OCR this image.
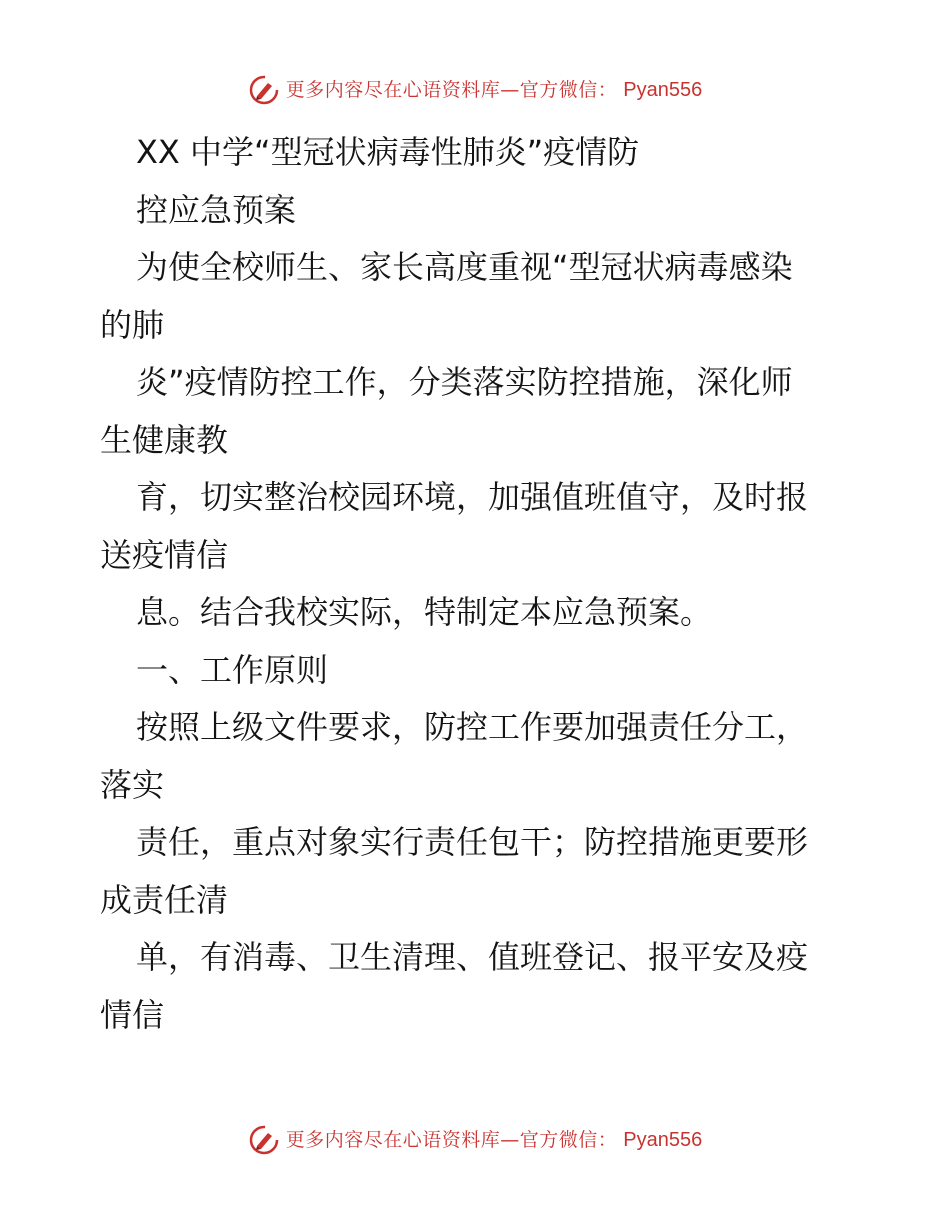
更多内容尽在心语资料库—官方微信： Pyan556
XX 中学“型冠状病毒性肺炎”疫情防
控应急预案
为使全校师生、家长高度重视“型冠状病毒感染
的肺
炎”疫情防控工作，分类落实防控措施，深化师
生健康教
育，切实整治校园环境，加强值班值守，及时报
送疫情信
息。结合我校实际，特制定本应急预案。
一、工作原则
按照上级文件要求，防控工作要加强责任分工，
落实
责任，重点对象实行责任包干；防控措施更要形
成责任清
单，有消毒、卫生清理、值班登记、报平安及疫
情信
更多内容尽在心语资料库—官方微信： Pyan556
